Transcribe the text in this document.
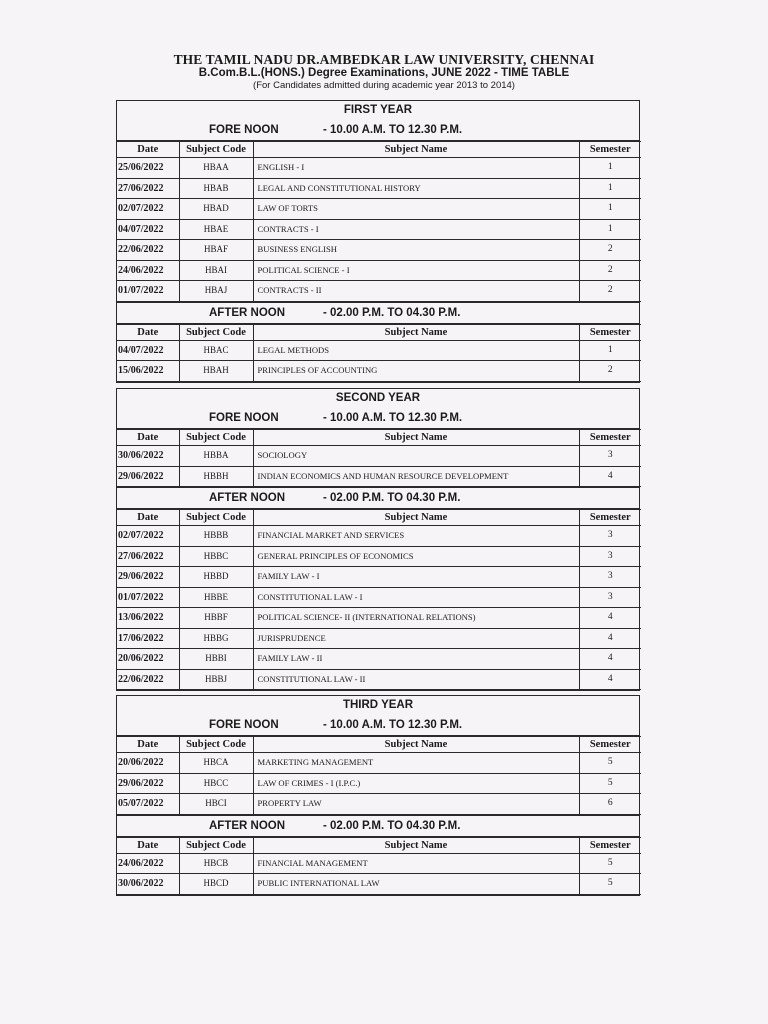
THE TAMIL NADU DR.AMBEDKAR LAW UNIVERSITY, CHENNAI
B.Com.B.L.(HONS.) Degree Examinations, JUNE 2022 - TIME TABLE
(For Candidates admitted during academic year 2013 to 2014)
FIRST YEAR
FORE NOON	- 10.00 A.M. TO 12.30 P.M.
Date	Subject Code	Subject Name	Semester
25/06/2022	HBAA	ENGLISH - I	1
27/06/2022	HBAB	LEGAL AND CONSTITUTIONAL HISTORY	1
02/07/2022	HBAD	LAW OF TORTS	1
04/07/2022	HBAE	CONTRACTS - I	1
22/06/2022	HBAF	BUSINESS ENGLISH	2
24/06/2022	HBAI	POLITICAL SCIENCE - I	2
01/07/2022	HBAJ	CONTRACTS - II	2
AFTER NOON	- 02.00 P.M. TO 04.30 P.M.
Date	Subject Code	Subject Name	Semester
04/07/2022	HBAC	LEGAL METHODS	1
15/06/2022	HBAH	PRINCIPLES OF ACCOUNTING	2
SECOND YEAR
FORE NOON	- 10.00 A.M. TO 12.30 P.M.
Date	Subject Code	Subject Name	Semester
30/06/2022	HBBA	SOCIOLOGY	3
29/06/2022	HBBH	INDIAN ECONOMICS AND HUMAN RESOURCE DEVELOPMENT	4
AFTER NOON	- 02.00 P.M. TO 04.30 P.M.
Date	Subject Code	Subject Name	Semester
02/07/2022	HBBB	FINANCIAL MARKET AND SERVICES	3
27/06/2022	HBBC	GENERAL PRINCIPLES OF ECONOMICS	3
29/06/2022	HBBD	FAMILY LAW - I	3
01/07/2022	HBBE	CONSTITUTIONAL LAW - I	3
13/06/2022	HBBF	POLITICAL SCIENCE- II (INTERNATIONAL RELATIONS)	4
17/06/2022	HBBG	JURISPRUDENCE	4
20/06/2022	HBBI	FAMILY LAW - II	4
22/06/2022	HBBJ	CONSTITUTIONAL LAW - II	4
THIRD YEAR
FORE NOON	- 10.00 A.M. TO 12.30 P.M.
Date	Subject Code	Subject Name	Semester
20/06/2022	HBCA	MARKETING MANAGEMENT	5
29/06/2022	HBCC	LAW OF CRIMES - I (I.P.C.)	5
05/07/2022	HBCI	PROPERTY LAW	6
AFTER NOON	- 02.00 P.M. TO 04.30 P.M.
Date	Subject Code	Subject Name	Semester
24/06/2022	HBCB	FINANCIAL MANAGEMENT	5
30/06/2022	HBCD	PUBLIC INTERNATIONAL LAW	5
